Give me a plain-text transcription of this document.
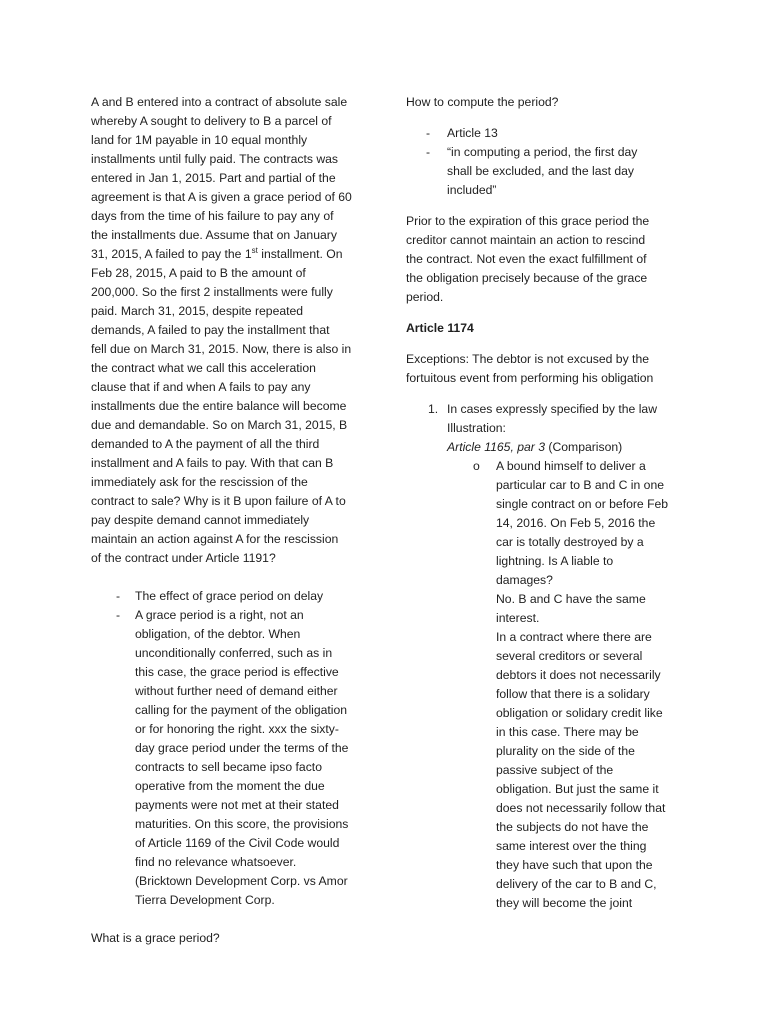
A and B entered into a contract of absolute sale
whereby A sought to delivery to B a parcel of
land for 1M payable in 10 equal monthly
installments until fully paid. The contracts was
entered in Jan 1, 2015. Part and partial of the
agreement is that A is given a grace period of 60
days from the time of his failure to pay any of
the installments due. Assume that on January
31, 2015, A failed to pay the 1st installment. On
Feb 28, 2015, A paid to B the amount of
200,000. So the first 2 installments were fully
paid. March 31, 2015, despite repeated
demands, A failed to pay the installment that
fell due on March 31, 2015. Now, there is also in
the contract what we call this acceleration
clause that if and when A fails to pay any
installments due the entire balance will become
due and demandable. So on March 31, 2015, B
demanded to A the payment of all the third
installment and A fails to pay. With that can B
immediately ask for the rescission of the
contract to sale? Why is it B upon failure of A to
pay despite demand cannot immediately
maintain an action against A for the rescission
of the contract under Article 1191?

- The effect of grace period on delay
- A grace period is a right, not an
obligation, of the debtor. When
unconditionally conferred, such as in
this case, the grace period is effective
without further need of demand either
calling for the payment of the obligation
or for honoring the right. xxx the sixty-
day grace period under the terms of the
contracts to sell became ipso facto
operative from the moment the due
payments were not met at their stated
maturities. On this score, the provisions
of Article 1169 of the Civil Code would
find no relevance whatsoever.
(Bricktown Development Corp. vs Amor
Tierra Development Corp.

What is a grace period?

How to compute the period?

- Article 13
- “in computing a period, the first day
shall be excluded, and the last day
included”

Prior to the expiration of this grace period the
creditor cannot maintain an action to rescind
the contract. Not even the exact fulfillment of
the obligation precisely because of the grace
period.

Article 1174

Exceptions: The debtor is not excused by the
fortuitous event from performing his obligation

1. In cases expressly specified by the law
Illustration:
Article 1165, par 3 (Comparison)
o A bound himself to deliver a
particular car to B and C in one
single contract on or before Feb
14, 2016. On Feb 5, 2016 the
car is totally destroyed by a
lightning. Is A liable to
damages?
No. B and C have the same
interest.
In a contract where there are
several creditors or several
debtors it does not necessarily
follow that there is a solidary
obligation or solidary credit like
in this case. There may be
plurality on the side of the
passive subject of the
obligation. But just the same it
does not necessarily follow that
the subjects do not have the
same interest over the thing
they have such that upon the
delivery of the car to B and C,
they will become the joint
